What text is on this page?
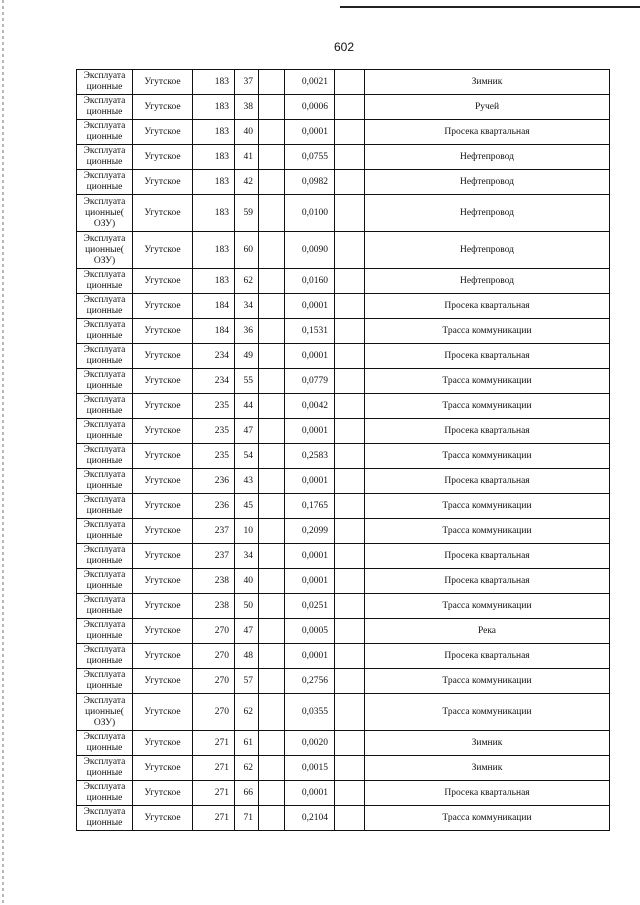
602
Эксплуата ционные	Угутское	183	37		0,0021		Зимник
Эксплуата ционные	Угутское	183	38		0,0006		Ручей
Эксплуата ционные	Угутское	183	40		0,0001		Просека квартальная
Эксплуата ционные	Угутское	183	41		0,0755		Нефтепровод
Эксплуата ционные	Угутское	183	42		0,0982		Нефтепровод
Эксплуата ционные( ОЗУ)	Угутское	183	59		0,0100		Нефтепровод
Эксплуата ционные( ОЗУ)	Угутское	183	60		0,0090		Нефтепровод
Эксплуата ционные	Угутское	183	62		0,0160		Нефтепровод
Эксплуата ционные	Угутское	184	34		0,0001		Просека квартальная
Эксплуата ционные	Угутское	184	36		0,1531		Трасса коммуникации
Эксплуата ционные	Угутское	234	49		0,0001		Просека квартальная
Эксплуата ционные	Угутское	234	55		0,0779		Трасса коммуникации
Эксплуата ционные	Угутское	235	44		0,0042		Трасса коммуникации
Эксплуата ционные	Угутское	235	47		0,0001		Просека квартальная
Эксплуата ционные	Угутское	235	54		0,2583		Трасса коммуникации
Эксплуата ционные	Угутское	236	43		0,0001		Просека квартальная
Эксплуата ционные	Угутское	236	45		0,1765		Трасса коммуникации
Эксплуата ционные	Угутское	237	10		0,2099		Трасса коммуникации
Эксплуата ционные	Угутское	237	34		0,0001		Просека квартальная
Эксплуата ционные	Угутское	238	40		0,0001		Просека квартальная
Эксплуата ционные	Угутское	238	50		0,0251		Трасса коммуникации
Эксплуата ционные	Угутское	270	47		0,0005		Река
Эксплуата ционные	Угутское	270	48		0,0001		Просека квартальная
Эксплуата ционные	Угутское	270	57		0,2756		Трасса коммуникации
Эксплуата ционные( ОЗУ)	Угутское	270	62		0,0355		Трасса коммуникации
Эксплуата ционные	Угутское	271	61		0,0020		Зимник
Эксплуата ционные	Угутское	271	62		0,0015		Зимник
Эксплуата ционные	Угутское	271	66		0,0001		Просека квартальная
Эксплуата ционные	Угутское	271	71		0,2104		Трасса коммуникации
